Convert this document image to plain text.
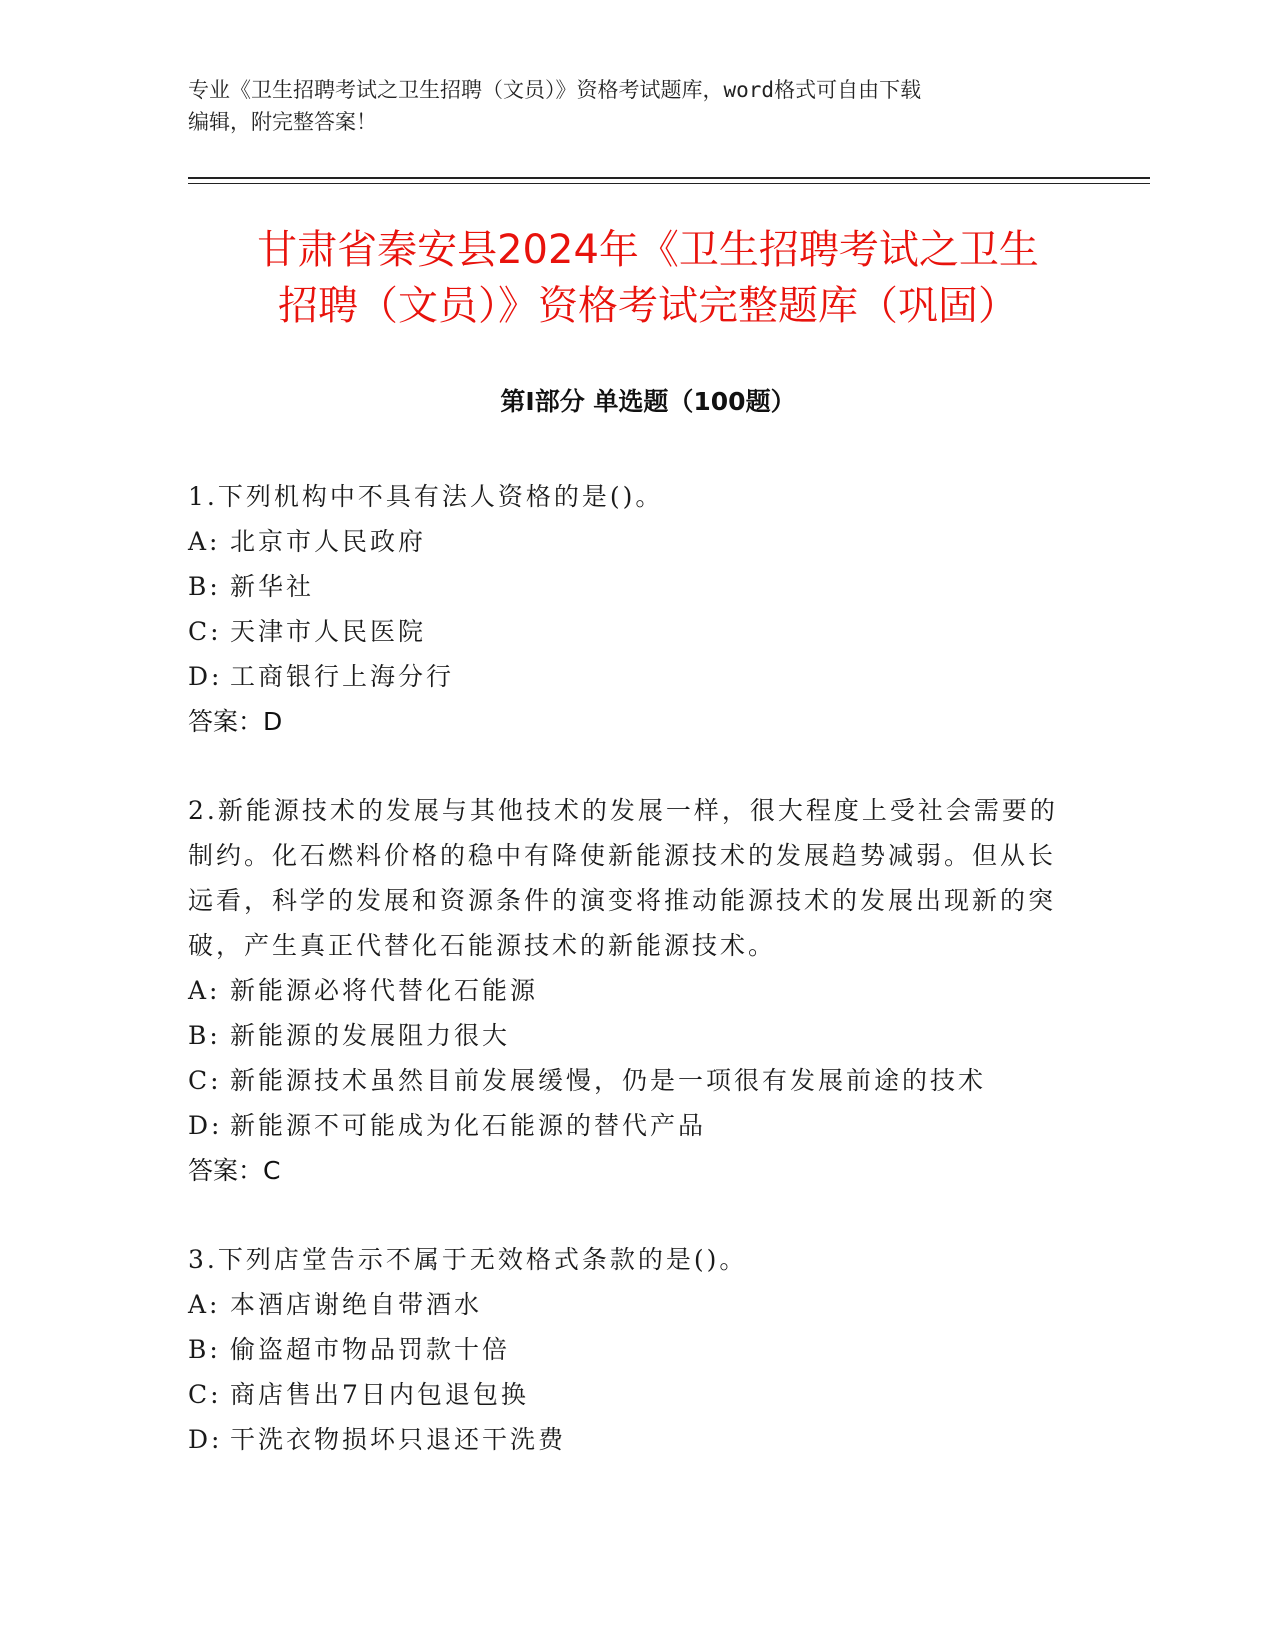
专业《卫生招聘考试之卫生招聘（文员）》资格考试题库，word格式可自由下载
编辑，附完整答案！
甘肃省秦安县2024年《卫生招聘考试之卫生
招聘（文员）》资格考试完整题库（巩固）
第Ⅰ部分 单选题（100题）

1.下列机构中不具有法人资格的是()。

A: 北京市人民政府

B: 新华社

C: 天津市人民医院

D: 工商银行上海分行

答案：D

2.新能源技术的发展与其他技术的发展一样，很大程度上受社会需要的制约。化石燃料价格的稳中有降使新能源技术的发展趋势减弱。但从长远看，科学的发展和资源条件的演变将推动能源技术的发展出现新的突破，产生真正代替化石能源技术的新能源技术。

A: 新能源必将代替化石能源

B: 新能源的发展阻力很大

C: 新能源技术虽然目前发展缓慢，仍是一项很有发展前途的技术

D: 新能源不可能成为化石能源的替代产品

答案：C

3.下列店堂告示不属于无效格式条款的是()。

A: 本酒店谢绝自带酒水

B: 偷盗超市物品罚款十倍

C: 商店售出7日内包退包换

D: 干洗衣物损坏只退还干洗费
